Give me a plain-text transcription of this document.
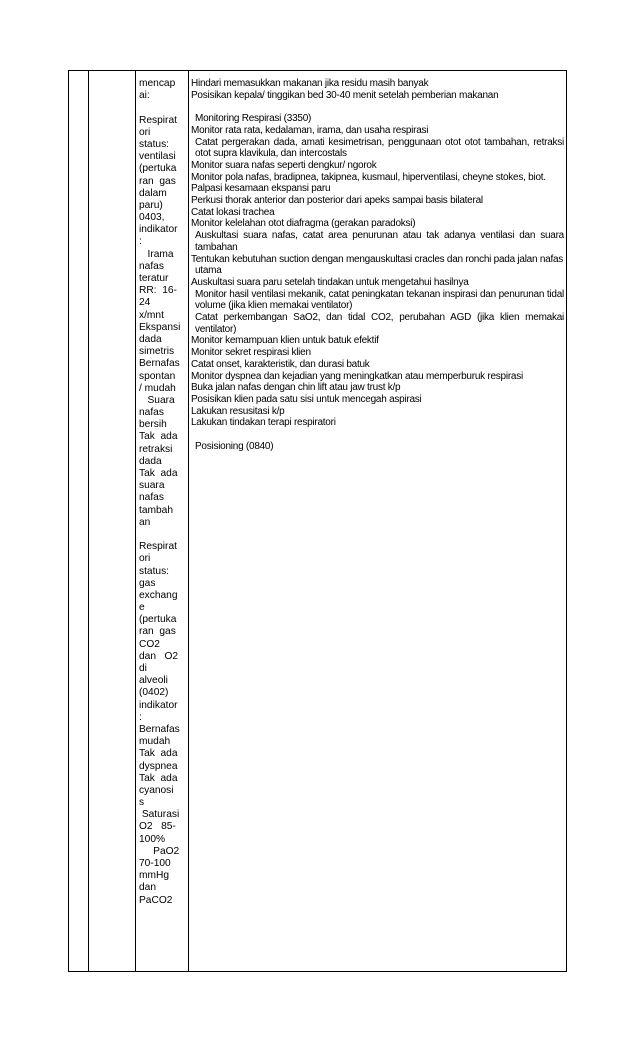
mencap
ai:
Respirat
ori
status:
ventilasi
(pertuka
ran  gas
dalam
paru)
0403,
indikator
:
Irama
nafas
teratur
RR:  16-
24
x/mnt
Ekspansi
dada
simetris
Bernafas
spontan
/ mudah
Suara
nafas
bersih
Tak  ada
retraksi
dada
Tak  ada
suara
nafas
tambah
an
Respirat
ori
status:
gas
exchang
e
(pertuka
ran  gas
CO2
dan   O2
di
alveoli
(0402)
indikator
:
Bernafas
mudah
Tak  ada
dyspnea
Tak  ada
cyanosi
s
Saturasi
O2   85-
100%
PaO2
70-100
mmHg
dan
PaCO2
Hindari memasukkan makanan jika residu masih banyak
Posisikan kepala/ tinggikan bed 30-40 menit setelah pemberian makanan
Monitoring Respirasi (3350)
Monitor rata rata, kedalaman, irama, dan usaha respirasi
Catat pergerakan dada, amati kesimetrisan, penggunaan otot otot tambahan, retraksi
otot supra klavikula, dan intercostals
Monitor suara nafas seperti dengkur/ ngorok
Monitor pola nafas, bradipnea, takipnea, kusmaul, hiperventilasi, cheyne stokes, biot.
Palpasi kesamaan ekspansi paru
Perkusi thorak anterior dan posterior dari apeks sampai basis bilateral
Catat lokasi trachea
Monitor kelelahan otot diafragma (gerakan paradoksi)
Auskultasi suara nafas, catat area penurunan atau tak adanya ventilasi dan suara
tambahan
Tentukan kebutuhan suction dengan mengauskultasi cracles dan ronchi pada jalan nafas
utama
Auskultasi suara paru setelah tindakan untuk mengetahui hasilnya
Monitor hasil ventilasi mekanik, catat peningkatan tekanan inspirasi dan penurunan tidal
volume (jika klien memakai ventilator)
Catat perkembangan SaO2, dan tidal CO2, perubahan AGD (jika klien memakai
ventilator)
Monitor kemampuan klien untuk batuk efektif
Monitor sekret respirasi klien
Catat onset, karakteristik, dan durasi batuk
Monitor dyspnea dan kejadian yang meningkatkan atau memperburuk respirasi
Buka jalan nafas dengan chin lift atau jaw trust k/p
Posisikan klien pada satu sisi untuk mencegah aspirasi
Lakukan resusitasi k/p
Lakukan tindakan terapi respiratori
Posisioning (0840)
